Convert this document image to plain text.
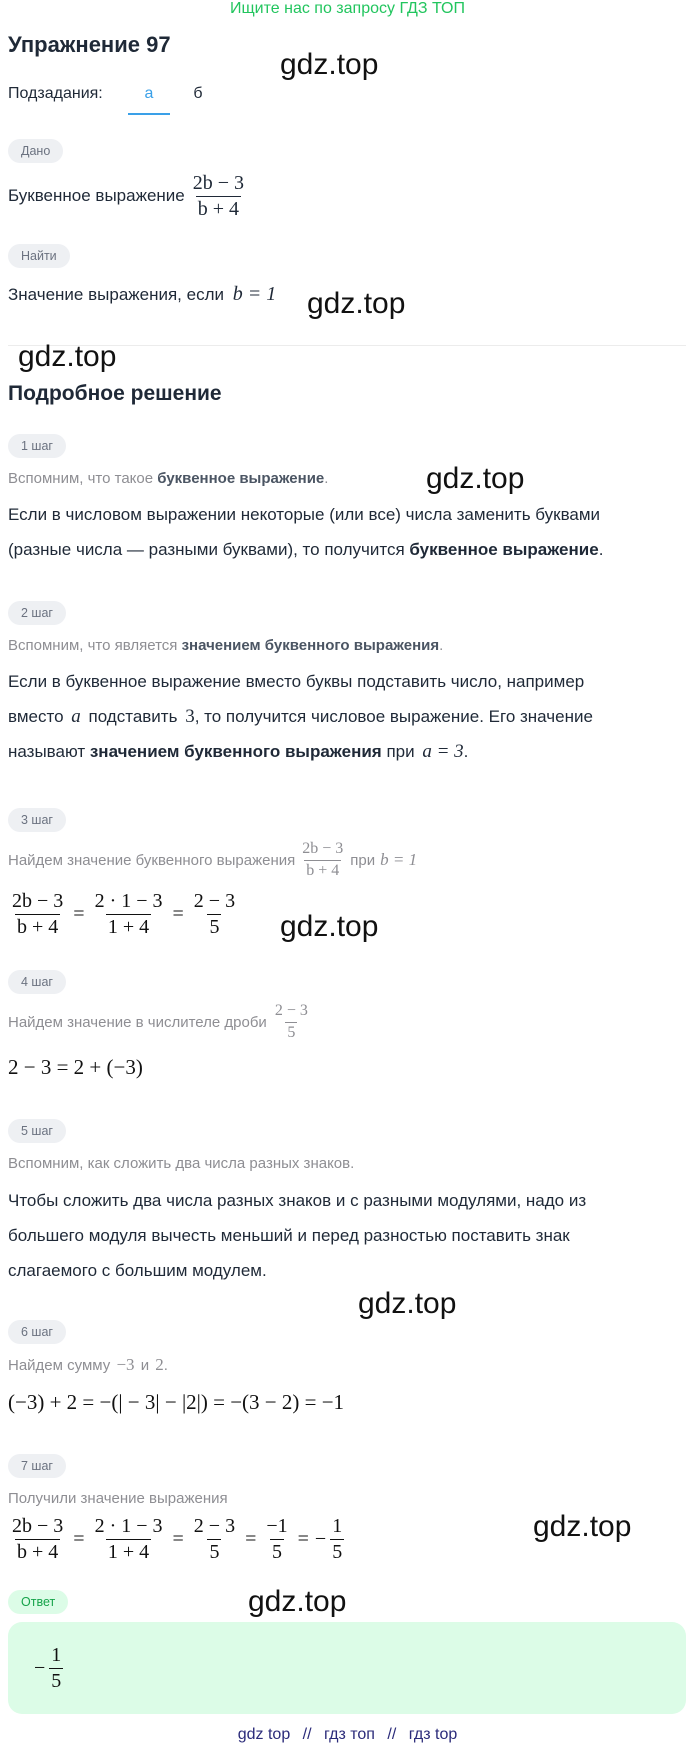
Ищите нас по запросу ГДЗ ТОП
Упражнение 97
Подзадания:	а	б
Дано
Буквенное выражение $\frac{2b - 3}{b + 4}$
Найти
Значение выражения, если b = 1
Подробное решение
1 шаг
Вспомним, что такое буквенное выражение.
Если в числовом выражении некоторые (или все) числа заменить буквами
(разные числа — разными буквами), то получится буквенное выражение.
2 шаг
Вспомним, что является значением буквенного выражения.
Если в буквенное выражение вместо буквы подставить число, например
вместо a подставить 3, то получится числовое выражение. Его значение
называют значением буквенного выражения при a = 3.
3 шаг
Найдем значение буквенного выражения $\frac{2b - 3}{b + 4}$ при b = 1
$\frac{2b - 3}{b + 4} = \frac{2 \cdot 1 - 3}{1 + 4} = \frac{2 - 3}{5}$
4 шаг
Найдем значение в числителе дроби $\frac{2 - 3}{5}$
2 − 3 = 2 + (−3)
5 шаг
Вспомним, как сложить два числа разных знаков.
Чтобы сложить два числа разных знаков и с разными модулями, надо из
большего модуля вычесть меньший и перед разностью поставить знак
слагаемого с большим модулем.
6 шаг
Найдем сумму −3 и 2.
(−3) + 2 = −(| − 3| − |2|) = −(3 − 2) = −1
7 шаг
Получили значение выражения
$\frac{2b - 3}{b + 4} = \frac{2 \cdot 1 - 3}{1 + 4} = \frac{2 - 3}{5} = \frac{-1}{5}$ = − $\frac{1}{5}$
Ответ
− $\frac{1}{5}$
gdz top // гдз топ // гдз top
gdz.top
gdz.top
gdz.top
gdz.top
gdz.top
gdz.top
gdz.top
gdz.top
